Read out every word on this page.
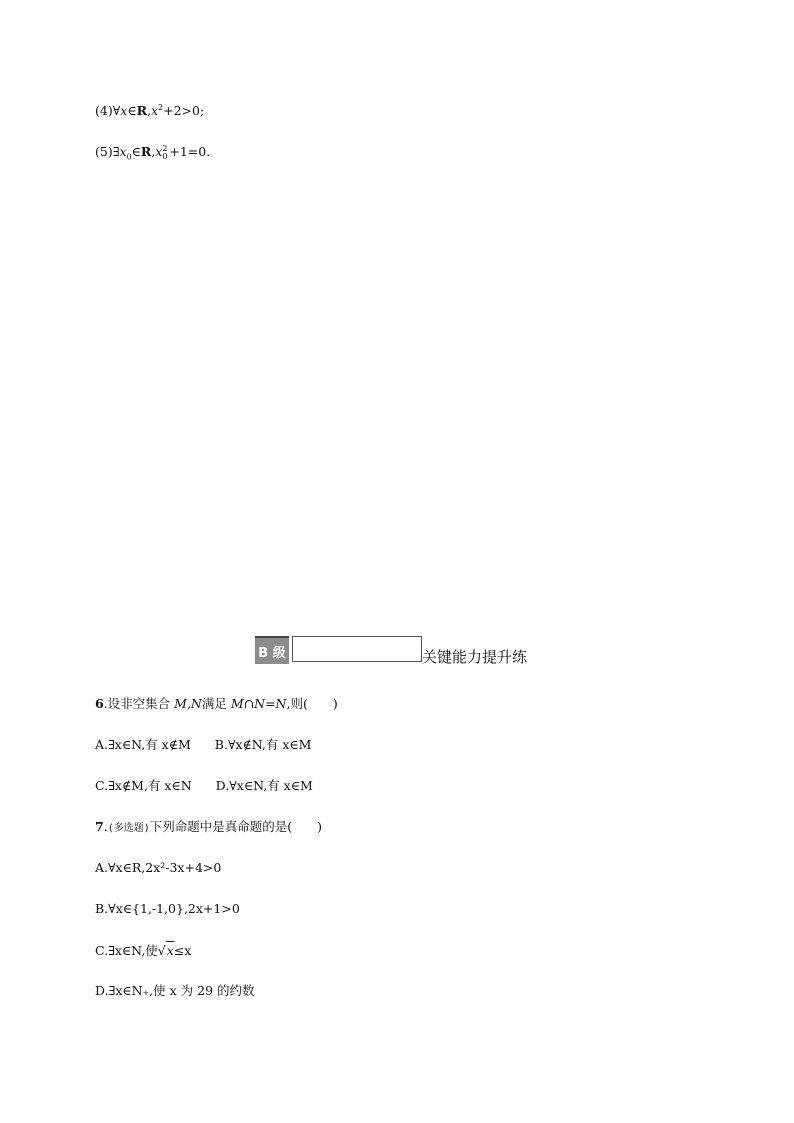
$(4)\forall x\in R,x^2+2>0$;
$(5)\exists x_0\in R,x$ 2
0 +1=0.
B 级	关键能力提升练
6.设非空集合 M,N满足 M∩N=N,则(　　)
A.∃x∈N,有 x∉M B.∀x∉N,有 x∈M
C.∃x∉M,有 x∈N D.∀x∈N,有 x∈M
7.(多选题)下列命题中是真命题的是(　　)
A.∀x∈R,2x²-3x+4>0
B.∀x∈{1,-1,0},2x+1>0
C.∃x∈N,使√x≤x
D.∃x∈N₊,使 x 为 29 的约数
